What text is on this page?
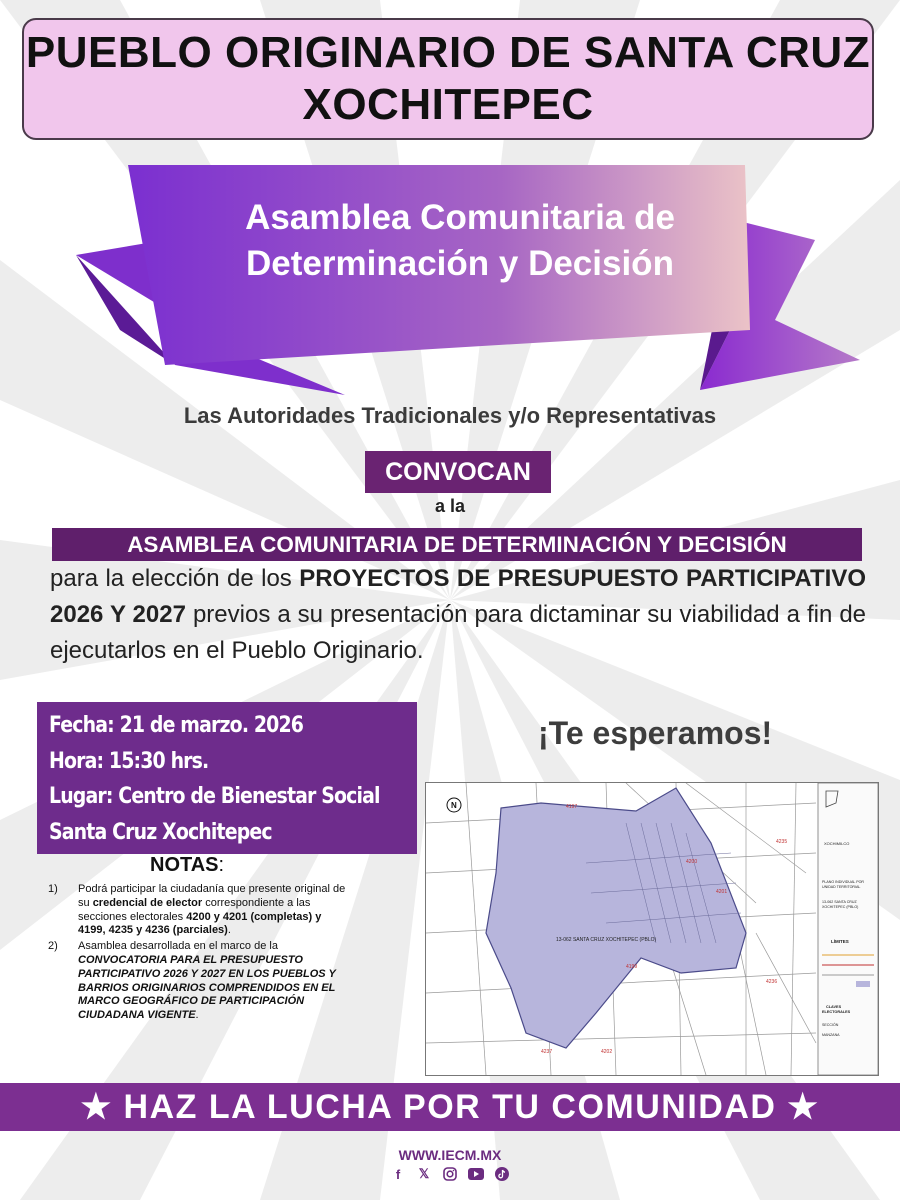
PUEBLO ORIGINARIO DE SANTA CRUZ XOCHITEPEC
Asamblea Comunitaria de
Determinación y Decisión
Las Autoridades Tradicionales y/o Representativas
CONVOCAN
a la
ASAMBLEA COMUNITARIA DE DETERMINACIÓN Y DECISIÓN
para la elección de los PROYECTOS DE PRESUPUESTO PARTICIPATIVO 2026 Y 2027 previos a su presentación para dictaminar su viabilidad a fin de ejecutarlos en el Pueblo Originario.
Fecha: 21 de marzo. 2026
Hora: 15:30 hrs.
Lugar: Centro de Bienestar Social
Santa Cruz Xochitepec
¡Te esperamos!
NOTAS:
1) Podrá participar la ciudadanía que presente original de su credencial de elector correspondiente a las secciones electorales 4200 y 4201 (completas) y 4199, 4235 y 4236 (parciales).
2) Asamblea desarrollada en el marco de la CONVOCATORIA PARA EL PRESUPUESTO PARTICIPATIVO 2026 Y 2027 EN LOS PUEBLOS Y BARRIOS ORIGINARIOS COMPRENDIDOS EN EL MARCO GEOGRÁFICO DE PARTICIPACIÓN CIUDADANA VIGENTE.
13-062 SANTA CRUZ XOCHITEPEC (PBLO)
4197
4200
4201
4199
4237
4235
4236
4202
N
XOCHIMILCO
PLANO INDIVIDUAL POR UNIDAD TERRITORIAL
13-062 SANTA CRUZ XOCHITEPEC (PBLO)
LÍMITES
CLAVES ELECTORALES
SECCIÓN
MANZANA
★ HAZ LA LUCHA POR TU COMUNIDAD ★
WWW.IECM.MX
f	𝕏
